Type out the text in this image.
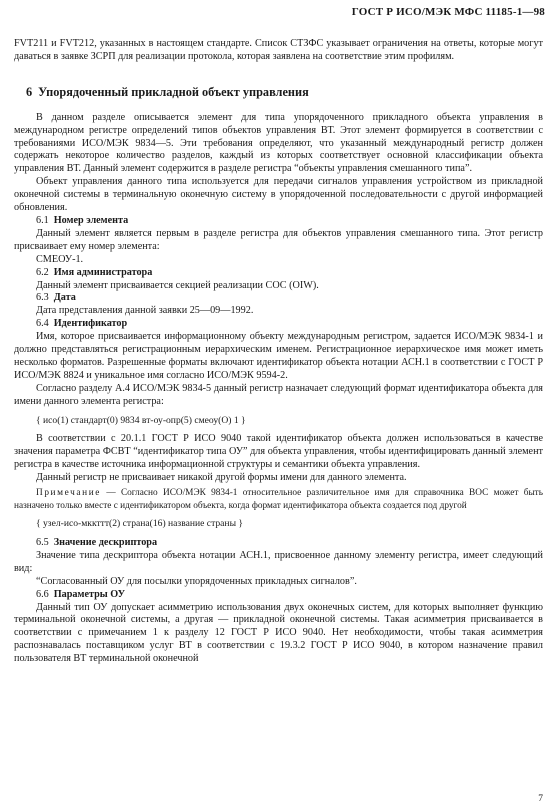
ГОСТ Р ИСО/МЭК МФС 11185-1—98

FVT211 и FVT212, указанных в настоящем стандарте. Список СТЗФС указывает ограничения на ответы, которые могут даваться в заявке ЗСРП для реализации протокола, которая заявлена на соответствие этим профилям.

6 Упорядоченный прикладной объект управления

В данном разделе описывается элемент для типа упорядоченного прикладного объекта управления в международном регистре определений типов объектов управления ВТ. Этот элемент формируется в соответствии с требованиями ИСО/МЭК 9834—5. Эти требования определяют, что указанный международный регистр должен содержать некоторое количество разделов, каждый из которых соответствует основной классификации объекта управления ВТ. Данный элемент содержится в разделе регистра “объекты управления смешанного типа”.

Объект управления данного типа используется для передачи сигналов управления устройством из прикладной оконечной системы в терминальную оконечную систему в упорядоченной последовательности с другой информацией обновления.

6.1 Номер элемента

Данный элемент является первым в разделе регистра для объектов управления смешанного типа. Этот регистр присваивает ему номер элемента:

СМЕОУ-1.

6.2 Имя администратора

Данный элемент присваивается секцией реализации СОС (OIW).

6.3 Дата

Дата представления данной заявки 25—09—1992.

6.4 Идентификатор

Имя, которое присваивается информационному объекту международным регистром, задается ИСО/МЭК 9834-1 и должно представляться регистрационным иерархическим именем. Регистрационное иерархическое имя может иметь несколько форматов. Разрешенные форматы включают идентификатор объекта нотации АСН.1 в соответствии с ГОСТ Р ИСО/МЭК 8824 и уникальное имя согласно ИСО/МЭК 9594-2.

Согласно разделу А.4 ИСО/МЭК 9834-5 данный регистр назначает следующий формат идентификатора объекта для имени данного элемента регистра:

{ исо(1) стандарт(0) 9834 вт-оу-опр(5) смеоу(О) 1 }

В соответствии с 20.1.1 ГОСТ Р ИСО 9040 такой идентификатор объекта должен использоваться в качестве значения параметра ФСВТ “идентификатор типа ОУ” для объекта управления, чтобы идентифицировать данный элемент регистра в качестве источника информационной структуры и семантики объекта управления.

Данный регистр не присваивает никакой другой формы имени для данного элемента.

Примечание — Согласно ИСО/МЭК 9834-1 относительное различительное имя для справочника ВОС может быть назначено только вместе с идентификатором объекта, когда формат идентификатора объекта создается под другой

{ узел-исо-мккттт(2) страна(16) название страны }
6.5 Значение дескриптора

Значение типа дескриптора объекта нотации АСН.1, присвоенное данному элементу регистра, имеет следующий вид:

“Согласованный ОУ для посылки упорядоченных прикладных сигналов”.

6.6 Параметры ОУ

Данный тип ОУ допускает асимметрию использования двух оконечных систем, для которых выполняет функцию терминальной оконечной системы, а другая — прикладной оконечной системы. Такая асимметрия присваивается в соответствии с примечанием 1 к разделу 12 ГОСТ Р ИСО 9040. Нет необходимости, чтобы такая асимметрия распознавалась поставщиком услуг ВТ в соответствии с 19.3.2 ГОСТ Р ИСО 9040, в котором назначение правил пользователя ВТ терминальной оконечной

7
